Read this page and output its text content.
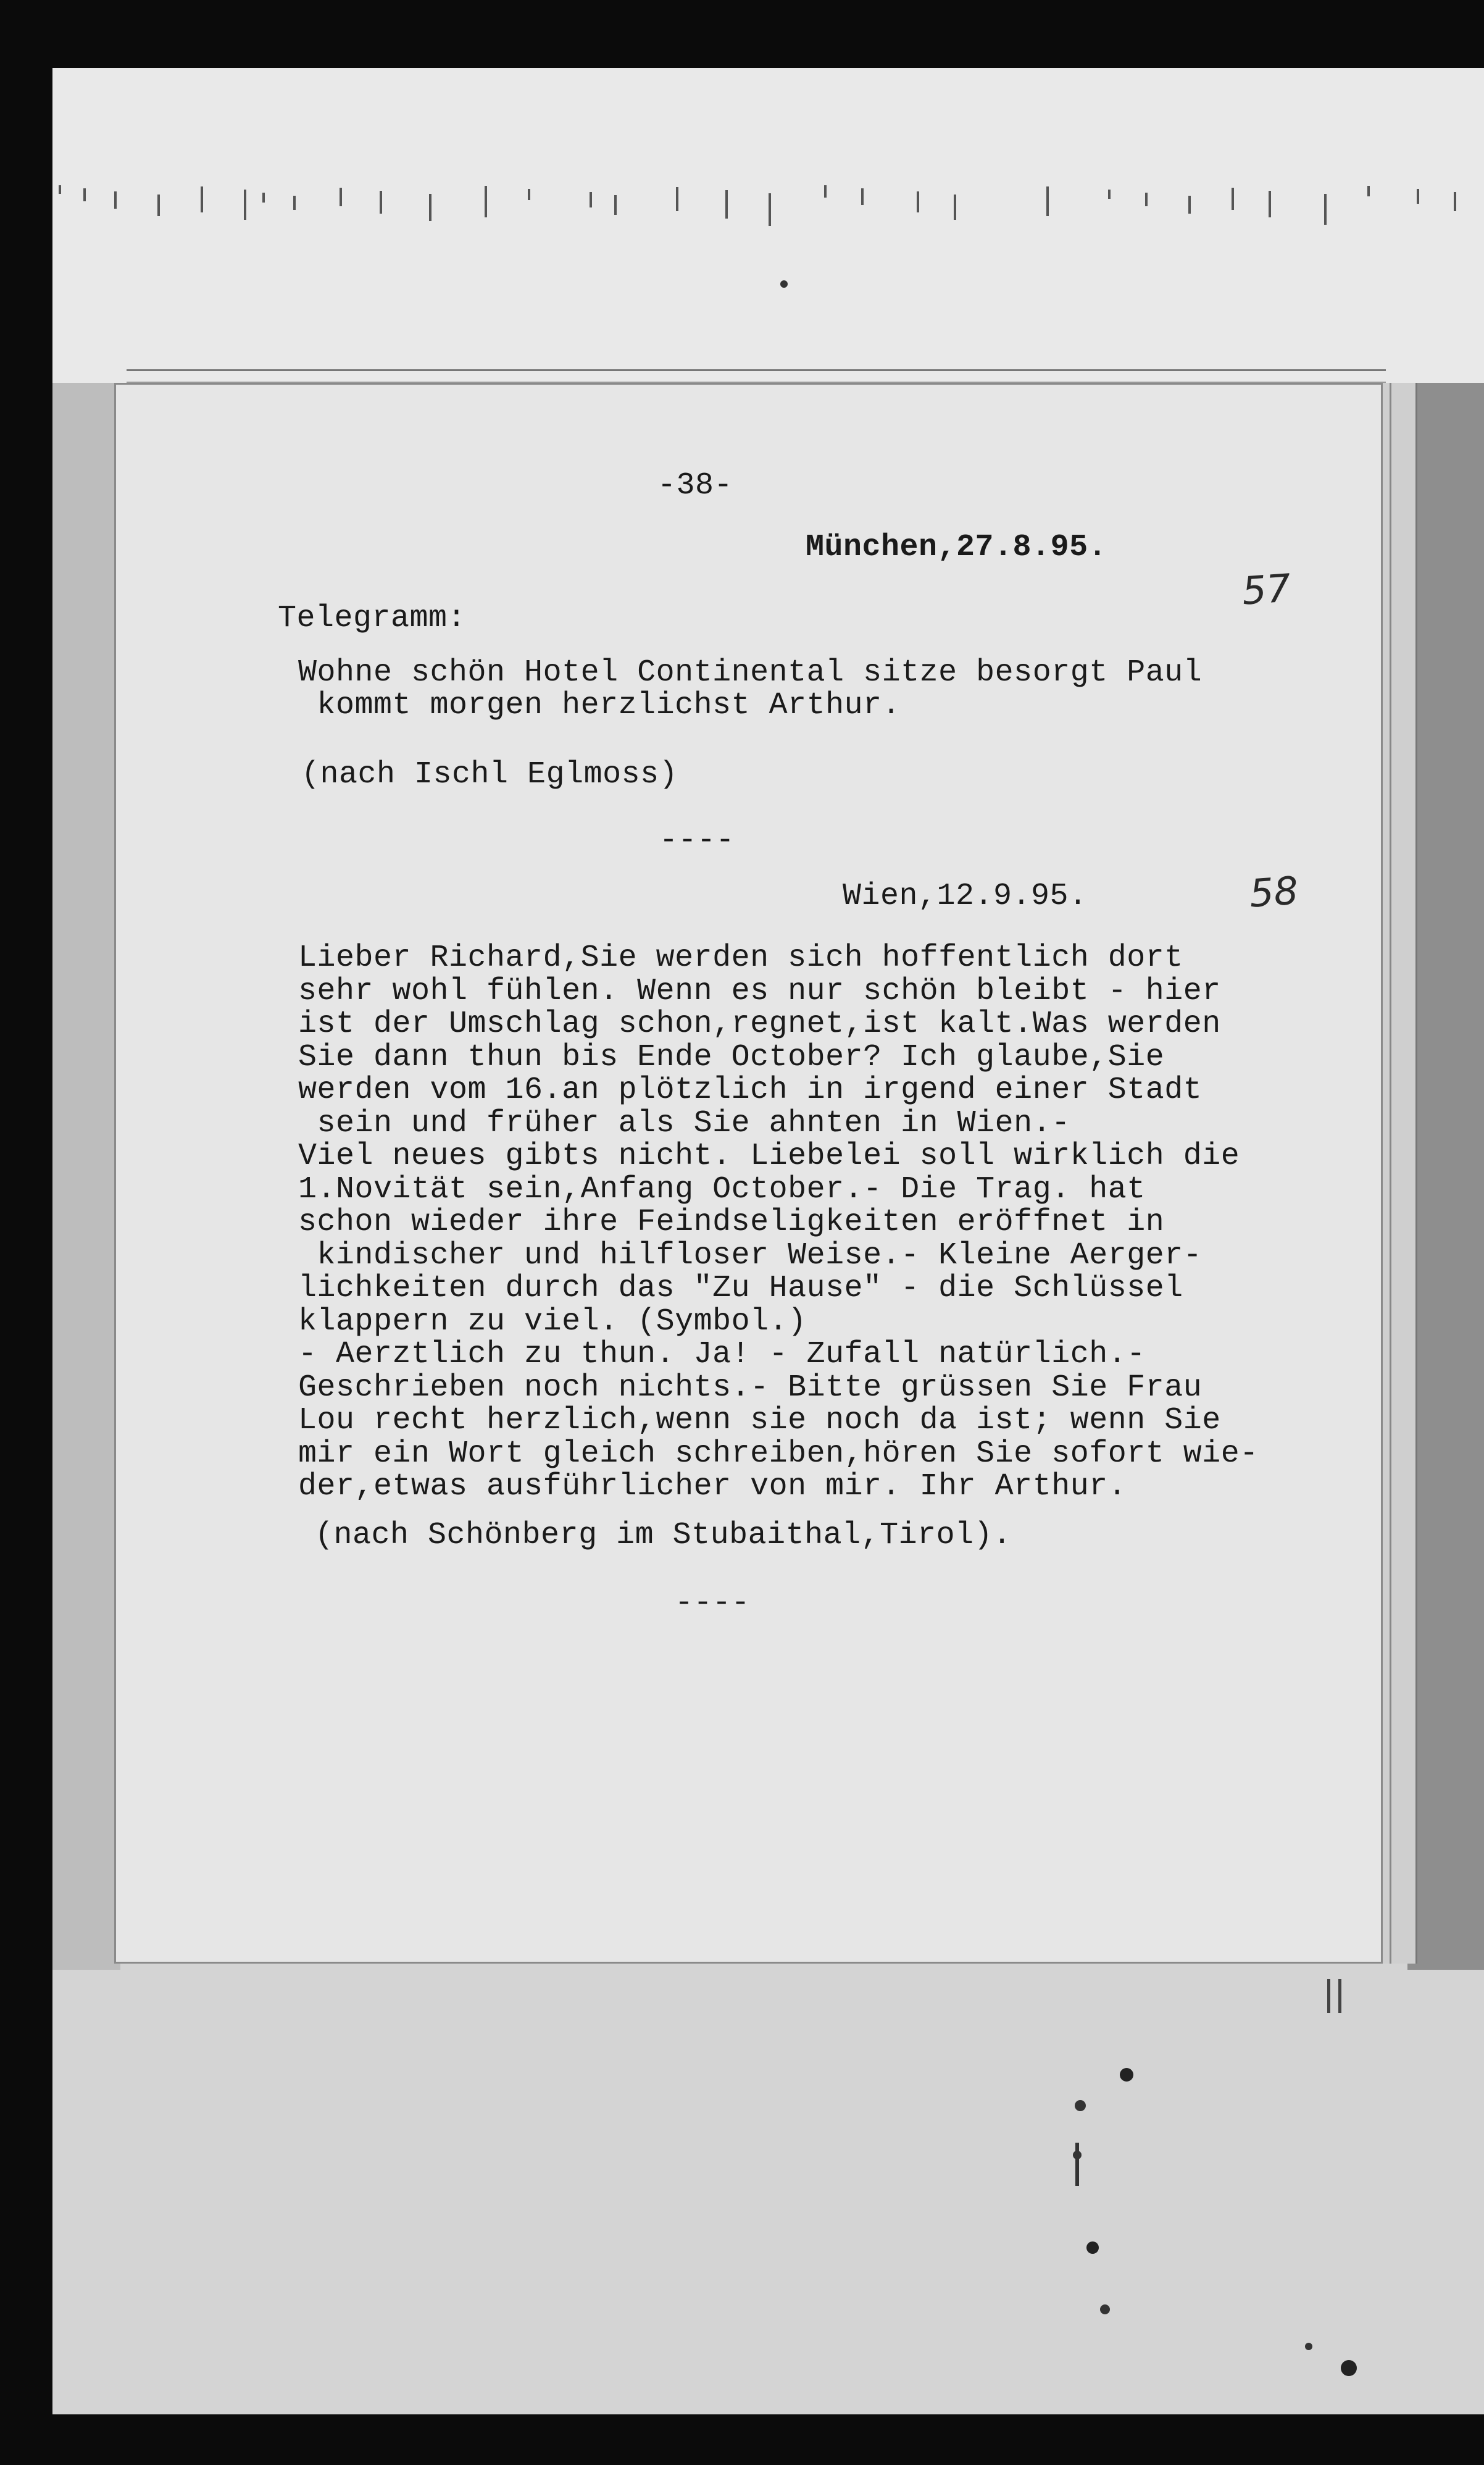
-38-
München,27.8.95.
Telegramm:
Wohne schön Hotel Continental sitze besorgt Paul
kommt morgen herzlichst Arthur.
(nach Ischl Eglmoss)
----
Wien,12.9.95.
Lieber Richard,Sie werden sich hoffentlich dort
sehr wohl fühlen. Wenn es nur schön bleibt - hier
ist der Umschlag schon,regnet,ist kalt.Was werden
Sie dann thun bis Ende October? Ich glaube,Sie
werden vom 16.an plötzlich in irgend einer Stadt
sein und früher als Sie ahnten in Wien.-
Viel neues gibts nicht. Liebelei soll wirklich die
1.Novität sein,Anfang October.- Die Trag. hat
schon wieder ihre Feindseligkeiten eröffnet in
kindischer und hilfloser Weise.- Kleine Aerger-
lichkeiten durch das "Zu Hause" - die Schlüssel
klappern zu viel. (Symbol.)
- Aerztlich zu thun. Ja! - Zufall natürlich.-
Geschrieben noch nichts.- Bitte grüssen Sie Frau
Lou recht herzlich,wenn sie noch da ist; wenn Sie
mir ein Wort gleich schreiben,hören Sie sofort wie-
der,etwas ausführlicher von mir. Ihr Arthur.
(nach Schönberg im Stubaithal,Tirol).
----
57
58
